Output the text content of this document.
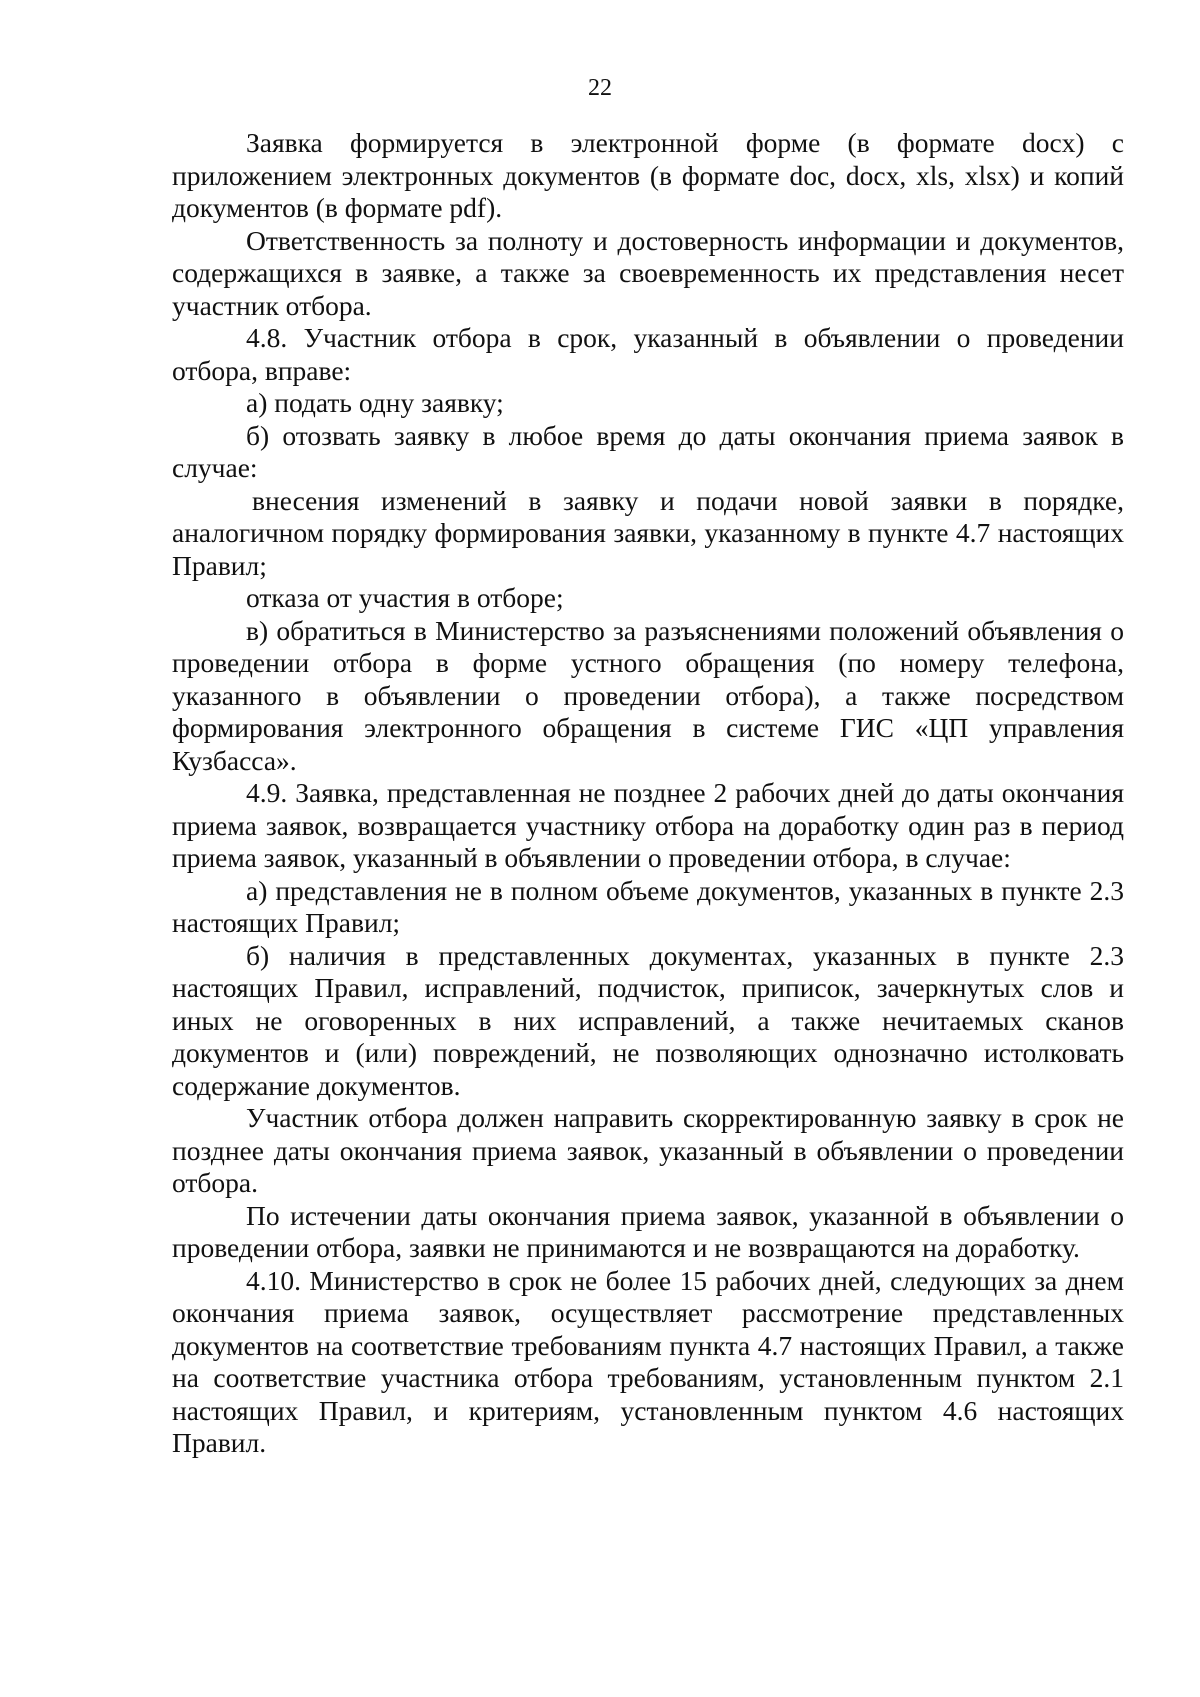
22

Заявка формируется в электронной форме (в формате docx) с приложением электронных документов (в формате doc, docx, xls, xlsx) и копий документов (в формате pdf).

Ответственность за полноту и достоверность информации и документов, содержащихся в заявке, а также за своевременность их представления несет участник отбора.

4.8. Участник отбора в срок, указанный в объявлении о проведении отбора, вправе:

а) подать одну заявку;

б) отозвать заявку в любое время до даты окончания приема заявок в случае:

внесения изменений в заявку и подачи новой заявки в порядке, аналогичном порядку формирования заявки, указанному в пункте 4.7 настоящих Правил;

отказа от участия в отборе;

в) обратиться в Министерство за разъяснениями положений объявления о проведении отбора в форме устного обращения (по номеру телефона, указанного в объявлении о проведении отбора), а также посредством формирования электронного обращения в системе ГИС «ЦП управления Кузбасса».

4.9. Заявка, представленная не позднее 2 рабочих дней до даты окончания приема заявок, возвращается участнику отбора на доработку один раз в период приема заявок, указанный в объявлении о проведении отбора, в случае:

а) представления не в полном объеме документов, указанных в пункте 2.3 настоящих Правил;

б) наличия в представленных документах, указанных в пункте 2.3 настоящих Правил, исправлений, подчисток, приписок, зачеркнутых слов и иных не оговоренных в них исправлений, а также нечитаемых сканов документов и (или) повреждений, не позволяющих однозначно истолковать содержание документов.

Участник отбора должен направить скорректированную заявку в срок не позднее даты окончания приема заявок, указанный в объявлении о проведении отбора.

По истечении даты окончания приема заявок, указанной в объявлении о проведении отбора, заявки не принимаются и не возвращаются на доработку.

4.10. Министерство в срок не более 15 рабочих дней, следующих за днем окончания приема заявок, осуществляет рассмотрение представленных документов на соответствие требованиям пункта 4.7 настоящих Правил, а также на соответствие участника отбора требованиям, установленным пунктом 2.1 настоящих Правил, и критериям, установленным пунктом 4.6 настоящих Правил.
